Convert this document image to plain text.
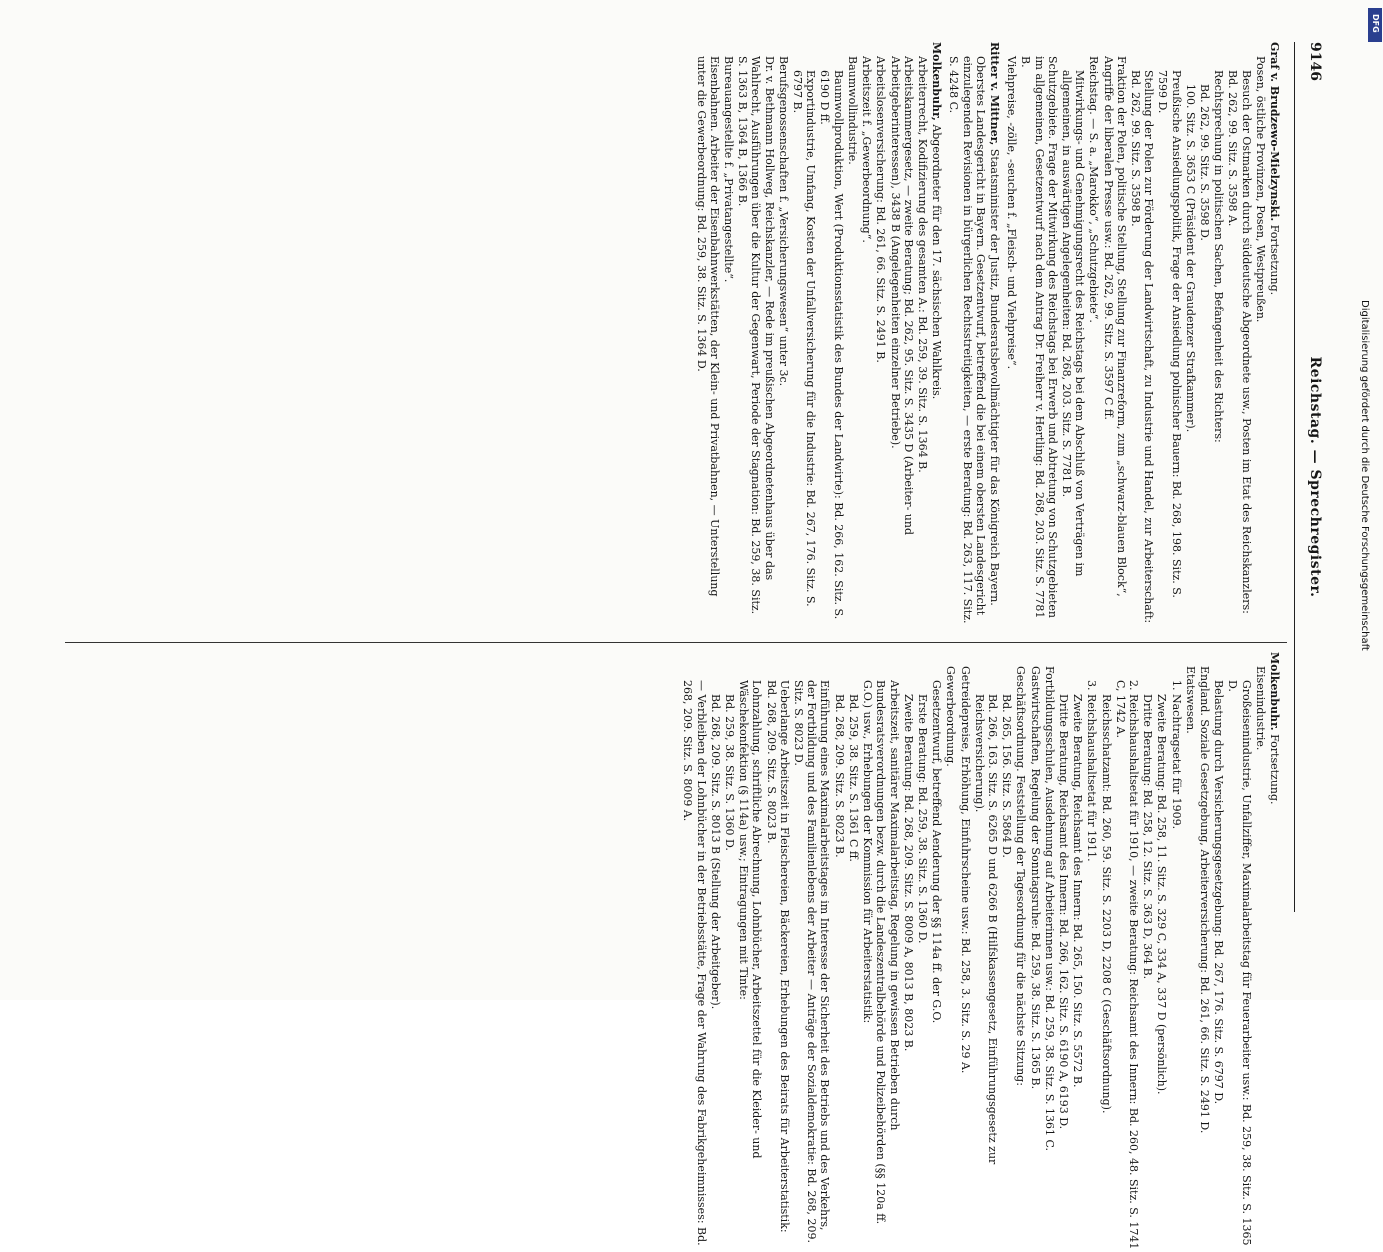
9146
Reichstag. — Sprechregister.
Graf v. Brudzewo-Mielzynski. Fortsetzung.
Posen, östliche Provinzen, Posen, Westpreußen.
Besuch der Ostmarken durch süddeutsche Abgeordnete usw., Posten im Etat des Reichskanzlers: Bd. 262, 99. Sitz. S. 3598 A.
Rechtsprechung in politischen Sachen, Befangenheit des Richters:
Bd. 262, 99. Sitz. S. 3598 D.
100. Sitz. S. 3653 C (Präsident der Graudenzer Strafkammer).
Preußische Ansiedlungspolitik, Frage der Ansiedlung polnischer Bauern: Bd. 268, 198. Sitz. S. 7599 D.
Stellung der Polen zur Förderung der Landwirtschaft, zu Industrie und Handel, zur Arbeiterschaft: Bd. 262, 99. Sitz. S. 3598 B.
Fraktion der Polen, politische Stellung, Stellung zur Finanzreform, zum „schwarz-blauen Block“, Angriffe der liberalen Presse usw.: Bd. 262, 99. Sitz. S. 3597 C ff.
Reichstag. — S. a. „Marokko“, „Schutzgebiete“.
Mitwirkungs- und Genehmigungsrecht des Reichstags bei dem Abschluß von Verträgen im allgemeinen, in auswärtigen Angelegenheiten: Bd. 268, 203. Sitz. S. 7781 B.
Schutzgebiete. Frage der Mitwirkung des Reichstags bei Erwerb und Abtretung von Schutzgebieten im allgemeinen, Gesetzentwurf nach dem Antrag Dr. Freiherr v. Hertling: Bd. 268, 203. Sitz. S. 7781 B.
Viehpreise, -zölle, -seuchen f. „Fleisch- und Viehpreise“.
Ritter v. Mittner, Staatsminister der Justiz, Bundesratsbevollmächtigter für das Königreich Bayern.
Oberstes Landesgericht in Bayern. Gesetzentwurf, betreffend die bei einem obersten Landesgericht einzulegenden Revisionen in bürgerlichen Rechtsstreitigkeiten, — erste Beratung: Bd. 263, 117. Sitz. S. 4248 C.
Molkenbuhr, Abgeordneter für den 17. sächsischen Wahlkreis.
Arbeiterrecht, Kodifizierung des gesamten A.: Bd. 259, 39. Sitz. S. 1364 B.
Arbeitskammergesetz, — zweite Beratung; Bd. 262, 95. Sitz. S. 3435 D (Arbeiter- und Arbeitgeberinteressen), 3438 B (Angelegenheiten einzelner Betriebe).
Arbeitslosenversicherung: Bd. 261, 66. Sitz. S. 2491 B.
Arbeitszeit f. „Gewerbeordnung“.
Baumwollindustrie.
Baumwollproduktion, Wert (Produktionsstatistik des Bundes der Landwirte): Bd. 266, 162. Sitz. S. 6190 D ff.
Exportindustrie, Umfang, Kosten der Unfallversicherung für die Industrie: Bd. 267, 176. Sitz. S. 6797 B.
Berufsgenossenschaften f. „Versicherungswesen“ unter 3c.
Dr. v. Bethmann Hollweg, Reichskanzler, — Rede im preußischen Abgeordnetenhaus über das Wahlrecht, Ausführungen über die Kultur der Gegenwart, Periode der Stagnation: Bd. 259, 38. Sitz. S. 1363 B, 1364 B, 1366 B.
Bureauangestellte f. „Privatangestellte“.
Eisenbahnen. Arbeiter der Eisenbahnwerkstätten, der Klein- und Privatbahnen, — Unterstellung unter die Gewerbeordnung: Bd. 259, 38. Sitz. S. 1364 D.
Molkenbuhr. Fortsetzung.
Eisenindustrie.
Großeisenindustrie, Unfallziffer, Maximalarbeitstag für Feuerarbeiter usw.: Bd. 259, 38. Sitz. S. 1365 D.
Belastung durch Versicherungsgesetzgebung: Bd. 267, 176. Sitz. S. 6797 D.
England. Soziale Gesetzgebung, Arbeiterversicherung: Bd. 261, 66. Sitz. S. 2491 D.
Etatswesen.
1. Nachtragsetat für 1909.
Zweite Beratung: Bd. 258, 11. Sitz. S. 329 C, 334 A, 337 D (persönlich).
Dritte Beratung: Bd. 258, 12. Sitz. S. 363 D, 364 B.
2. Reichshaushaltsetat für 1910, — zweite Beratung: Reichsamt des Innern: Bd. 260, 48. Sitz. S. 1741 C, 1742 A.
Reichsschatzamt: Bd. 260, 59. Sitz. S. 2203 D, 2208 C (Geschäftsordnung).
3. Reichshaushaltsetat für 1911.
Zweite Beratung, Reichsamt des Innern: Bd. 265, 150. Sitz. S. 5572 B.
Dritte Beratung, Reichsamt des Innern: Bd. 266, 162. Sitz. S. 6190 A, 6193 D.
Fortbildungsschulen, Ausdehnung auf Arbeiterinnen usw.: Bd. 259, 38. Sitz. S. 1361 C.
Gastwirtschaften, Regelung der Sonntagsruhe: Bd. 259, 38. Sitz. S. 1365 B.
Geschäftsordnung. Feststellung der Tagesordnung für die nächste Sitzung:
Bd. 265, 156. Sitz. S. 5864 D.
Bd. 266, 163. Sitz. S. 6265 D und 6266 B (Hilfskassengesetz, Einführungsgesetz zur Reichsversicherung).
Getreidepreise, Erhöhung, Einfuhrscheine usw.: Bd. 258, 3. Sitz. S. 29 A.
Gewerbeordnung.
Gesetzentwurf, betreffend Aenderung der §§ 114a ff. der G.O.
Erste Beratung: Bd. 259, 38. Sitz. S. 1360 D.
Zweite Beratung: Bd. 268, 209. Sitz. S. 8009 A, 8013 B, 8023 B.
Arbeitszeit, sanitärer Maximalarbeitstag, Regelung in gewissen Betrieben durch Bundesratsverordnungen bezw. durch die Landeszentralbehörde und Polizeibehörden (§§ 120a ff. G.O.) usw., Erhebungen der Kommission für Arbeiterstatistik:
Bd. 259, 38. Sitz. S. 1361 C ff.
Bd. 268, 209. Sitz. S. 8023 B.
Einführung eines Maximalarbeitstages im Interesse der Sicherheit des Betriebs und des Verkehrs, der Fortbildung und des Familienlebens der Arbeiter — Anträge der Sozialdemokratie: Bd. 268, 209. Sitz. S. 8023 D.
Ueberlange Arbeitszeit in Fleischereien, Bäckereien, Erhebungen des Beirats für Arbeiterstatistik: Bd. 268, 209. Sitz. S. 8023 B.
Lohnzahlung, schriftliche Abrechnung, Lohnbücher, Arbeitszettel für die Kleider- und Wäschekonfektion (§ 114a) usw.; Eintragungen mit Tinte:
Bd. 259, 38. Sitz. S. 1360 D.
Bd. 268, 209. Sitz. S. 8013 B (Stellung der Arbeitgeber).
— Verbleiben der Lohnbücher in der Betriebsstätte, Frage der Wahrung des Fabrikgeheimnisses: Bd. 268, 209. Sitz. S. 8009 A.
DFG
Digitalisierung gefördert durch die Deutsche Forschungsgemeinschaft
